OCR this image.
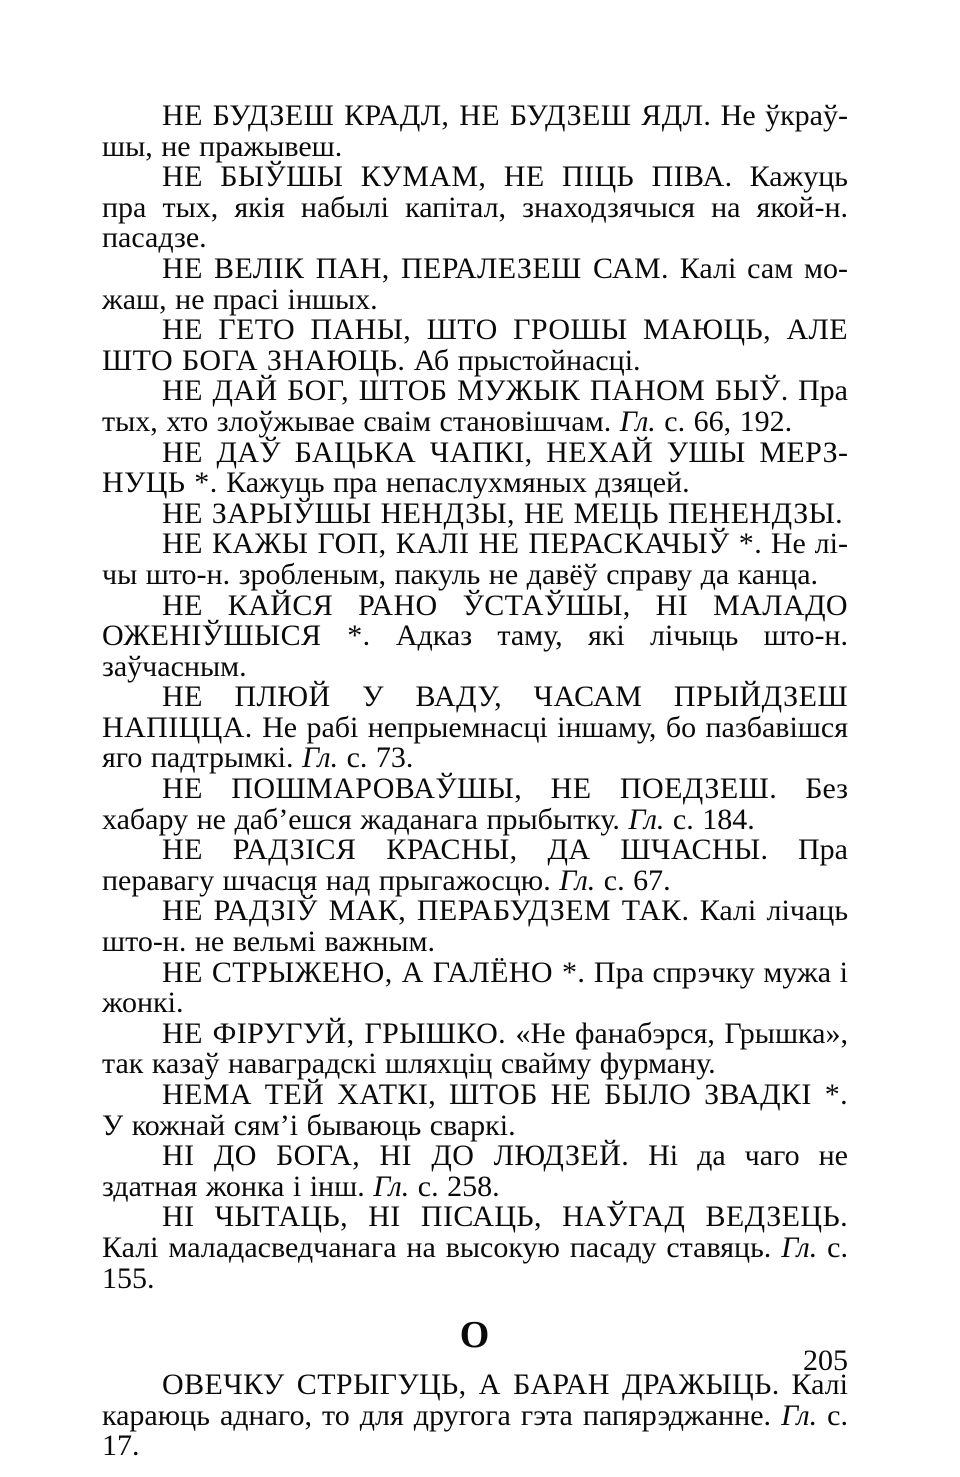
НЕ БУДЗЕШ КРАДЛ, НЕ БУДЗЕШ ЯДЛ. Не ўкраўшы, не пражывеш.

НЕ БЫЎШЫ КУМАМ, НЕ ПІЦЬ ПІВА. Кажуць пра тых, якія набылі капітал, знаходзячыся на якой-н. пасадзе.

НЕ ВЕЛІК ПАН, ПЕРАЛЕЗЕШ САМ. Калі сам можаш, не прасі іншых.

НЕ ГЕТО ПАНЫ, ШТО ГРОШЫ МАЮЦЬ, АЛЕ ШТО БОГА ЗНАЮЦЬ. Аб прыстойнасці.

НЕ ДАЙ БОГ, ШТОБ МУЖЫК ПАНОМ БЫЎ. Пра тых, хто злоўжывае сваім становішчам. Гл. с. 66, 192.

НЕ ДАЎ БАЦЬКА ЧАПКІ, НЕХАЙ УШЫ МЕРЗНУЦЬ *. Кажуць пра непаслухмяных дзяцей.

НЕ ЗАРЫЎШЫ НЕНДЗЫ, НЕ МЕЦЬ ПЕНЕНДЗЫ.

НЕ КАЖЫ ГОП, КАЛІ НЕ ПЕРАСКАЧЫЎ *. Не лічы што-н. зробленым, пакуль не давёў справу да канца.

НЕ КАЙСЯ РАНО ЎСТАЎШЫ, НІ МАЛАДО ОЖЕНІЎШЫСЯ *. Адказ таму, які лічыць што-н. заўчасным.

НЕ ПЛЮЙ У ВАДУ, ЧАСАМ ПРЫЙДЗЕШ НАПІЦЦА. Не рабі непрыемнасці іншаму, бо пазбавішся яго падтрымкі. Гл. с. 73.

НЕ ПОШМАРОВАЎШЫ, НЕ ПОЕДЗЕШ. Без хабару не даб’ешся жаданага прыбытку. Гл. с. 184.

НЕ РАДЗІСЯ КРАСНЫ, ДА ШЧАСНЫ. Пра перавагу шчасця над прыгажосцю. Гл. с. 67.

НЕ РАДЗІЎ МАК, ПЕРАБУДЗЕМ ТАК. Калі лічаць што-н. не вельмі важным.

НЕ СТРЫЖЕНО, А ГАЛЁНО *. Пра спрэчку мужа і жонкі.

НЕ ФІРУГУЙ, ГРЫШКО. «Не фанабэрся, Грышка», так казаў наваградскі шляхціц свайму фурману.

НЕМА ТЕЙ ХАТКІ, ШТОБ НЕ БЫЛО ЗВАДКІ *. У кожнай сям’і бываюць сваркі.

НІ ДО БОГА, НІ ДО ЛЮДЗЕЙ. Ні да чаго не здатная жонка і інш. Гл. с. 258.

НІ ЧЫТАЦЬ, НІ ПІСАЦЬ, НАЎГАД ВЕДЗЕЦЬ. Калі маладасведчанага на высокую пасаду ставяць. Гл. с. 155.

О

ОВЕЧКУ СТРЫГУЦЬ, А БАРАН ДРАЖЫЦЬ. Калі караюць аднаго, то для другога гэта папярэджанне. Гл. с. 17.

205
